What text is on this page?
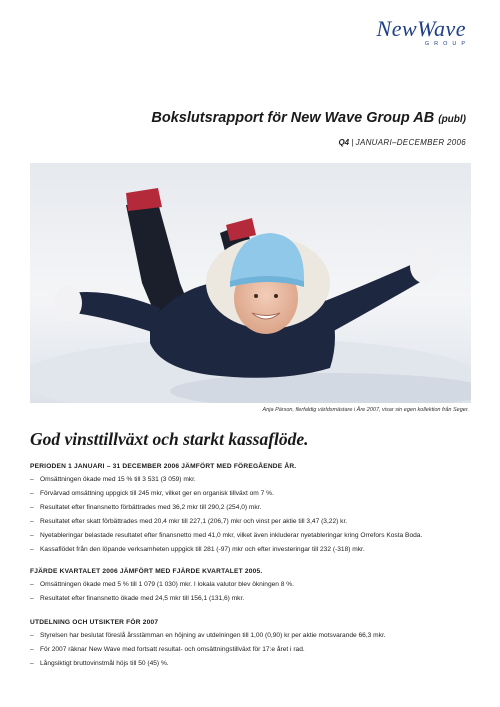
NewWave
GROUP
Bokslutsrapport för New Wave Group AB (publ)
Q4 | JANUARI–DECEMBER 2006
Anja Pärson, flerfaldig världsmästare i Åre 2007, visar sin egen kollektion från Seger.
God vinsttillväxt och starkt kassaflöde.
PERIODEN 1 JANUARI – 31 DECEMBER 2006 JÄMFÖRT MED FÖREGÅENDE ÅR.
– Omsättningen ökade med 15 % till 3 531 (3 059) mkr.
– Förvärvad omsättning uppgick till 245 mkr, vilket ger en organisk tillväxt om 7 %.
– Resultatet efter finansnetto förbättrades med 36,2 mkr till 290,2 (254,0) mkr.
– Resultatet efter skatt förbättrades med 20,4 mkr till 227,1 (206,7) mkr och vinst per aktie till 3,47 (3,22) kr.
– Nyetableringar belastade resultatet efter finansnetto med 41,0 mkr, vilket även inkluderar nyetableringar kring Orrefors Kosta Boda.
– Kassaflödet från den löpande verksamheten uppgick till 281 (-97) mkr och efter investeringar till 232 (-318) mkr.
FJÄRDE KVARTALET 2006 JÄMFÖRT MED FJÄRDE KVARTALET 2005.
– Omsättningen ökade med 5 % till 1 079 (1 030) mkr. I lokala valutor blev ökningen 8 %.
– Resultatet efter finansnetto ökade med 24,5 mkr till 156,1 (131,6) mkr.
UTDELNING OCH UTSIKTER FÖR 2007
– Styrelsen har beslutat föreslå årsstämman en höjning av utdelningen till 1,00 (0,90) kr per aktie motsvarande 66,3 mkr.
– För 2007 räknar New Wave med fortsatt resultat- och omsättningstillväxt för 17:e året i rad.
– Långsiktigt bruttovinstmål höjs till 50 (45) %.
